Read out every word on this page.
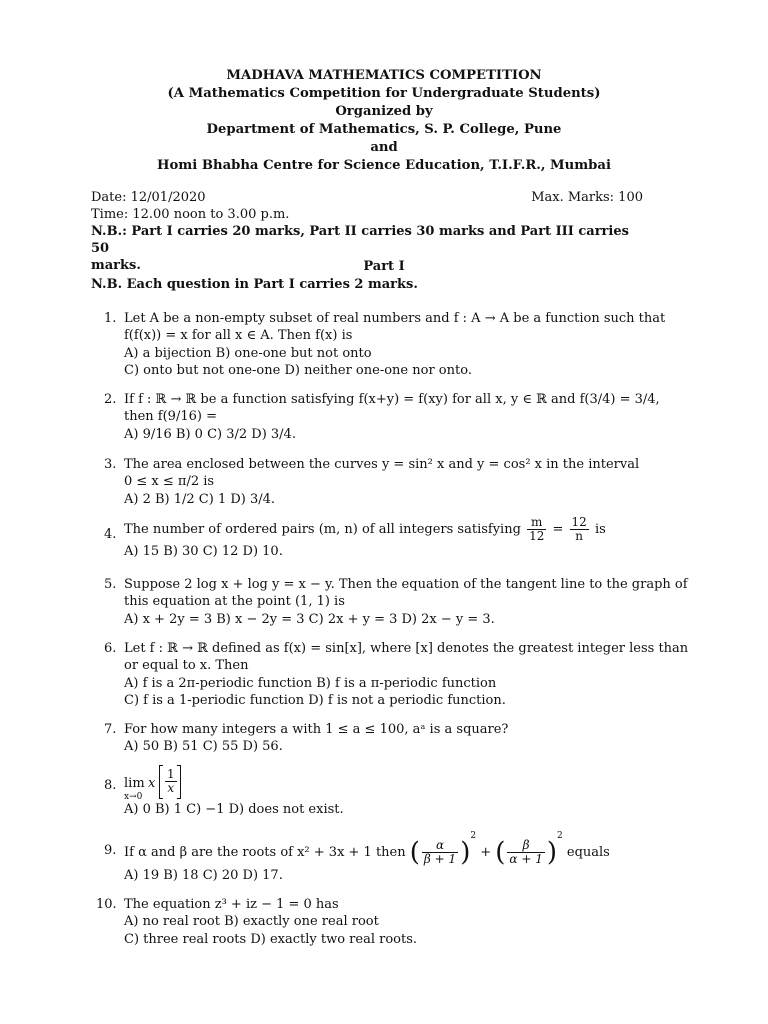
MADHAVA MATHEMATICS COMPETITION
(A Mathematics Competition for Undergraduate Students)
Organized by
Department of Mathematics, S. P. College, Pune
and
Homi Bhabha Centre for Science Education, T.I.F.R., Mumbai
Date: 12/01/2020	Max. Marks: 100
Time: 12.00 noon to 3.00 p.m.
N.B.: Part I carries 20 marks, Part II carries 30 marks and Part III carries 50
marks.	Part I
N.B. Each question in Part I carries 2 marks.
1. Let A be a non-empty subset of real numbers and f : A → A be a function such that
f(f(x)) = x for all x ∈ A. Then f(x) is
A) a bijection B) one-one but not onto
C) onto but not one-one D) neither one-one nor onto.
2. If f : ℝ → ℝ be a function satisfying f(x+y) = f(xy) for all x, y ∈ ℝ and f(3/4) = 3/4,
then f(9/16) =
A) 9/16 B) 0 C) 3/2 D) 3/4.
3. The area enclosed between the curves y = sin² x and y = cos² x in the interval
0 ≤ x ≤ π/2 is
A) 2 B) 1/2 C) 1 D) 3/4.
4. The number of ordered pairs (m, n) of all integers satisfying $\frac{m}{12} = \frac{12}{n}$ is
A) 15 B) 30 C) 12 D) 10.
5. Suppose 2 log x + log y = x − y. Then the equation of the tangent line to the graph of
this equation at the point (1, 1) is
A) x + 2y = 3 B) x − 2y = 3 C) 2x + y = 3 D) 2x − y = 3.
6. Let f : ℝ → ℝ defined as f(x) = sin[x], where [x] denotes the greatest integer less than
or equal to x. Then
A) f is a 2π-periodic function B) f is a π-periodic function
C) f is a 1-periodic function D) f is not a periodic function.
7. For how many integers a with 1 ≤ a ≤ 100, aᵃ is a square?
A) 50 B) 51 C) 55 D) 56.
8. lim
x→0
x $\frac{1}{x}$
A) 0 B) 1 C) −1 D) does not exist.
9. If α and β are the roots of x² + 3x + 1 then ( $\frac{\alpha}{\beta + 1} )^2$ + ( $\frac{\beta}{\alpha + 1} )^2$ equals
A) 19 B) 18 C) 20 D) 17.
10. The equation z³ + iz − 1 = 0 has
A) no real root B) exactly one real root
C) three real roots D) exactly two real roots.
